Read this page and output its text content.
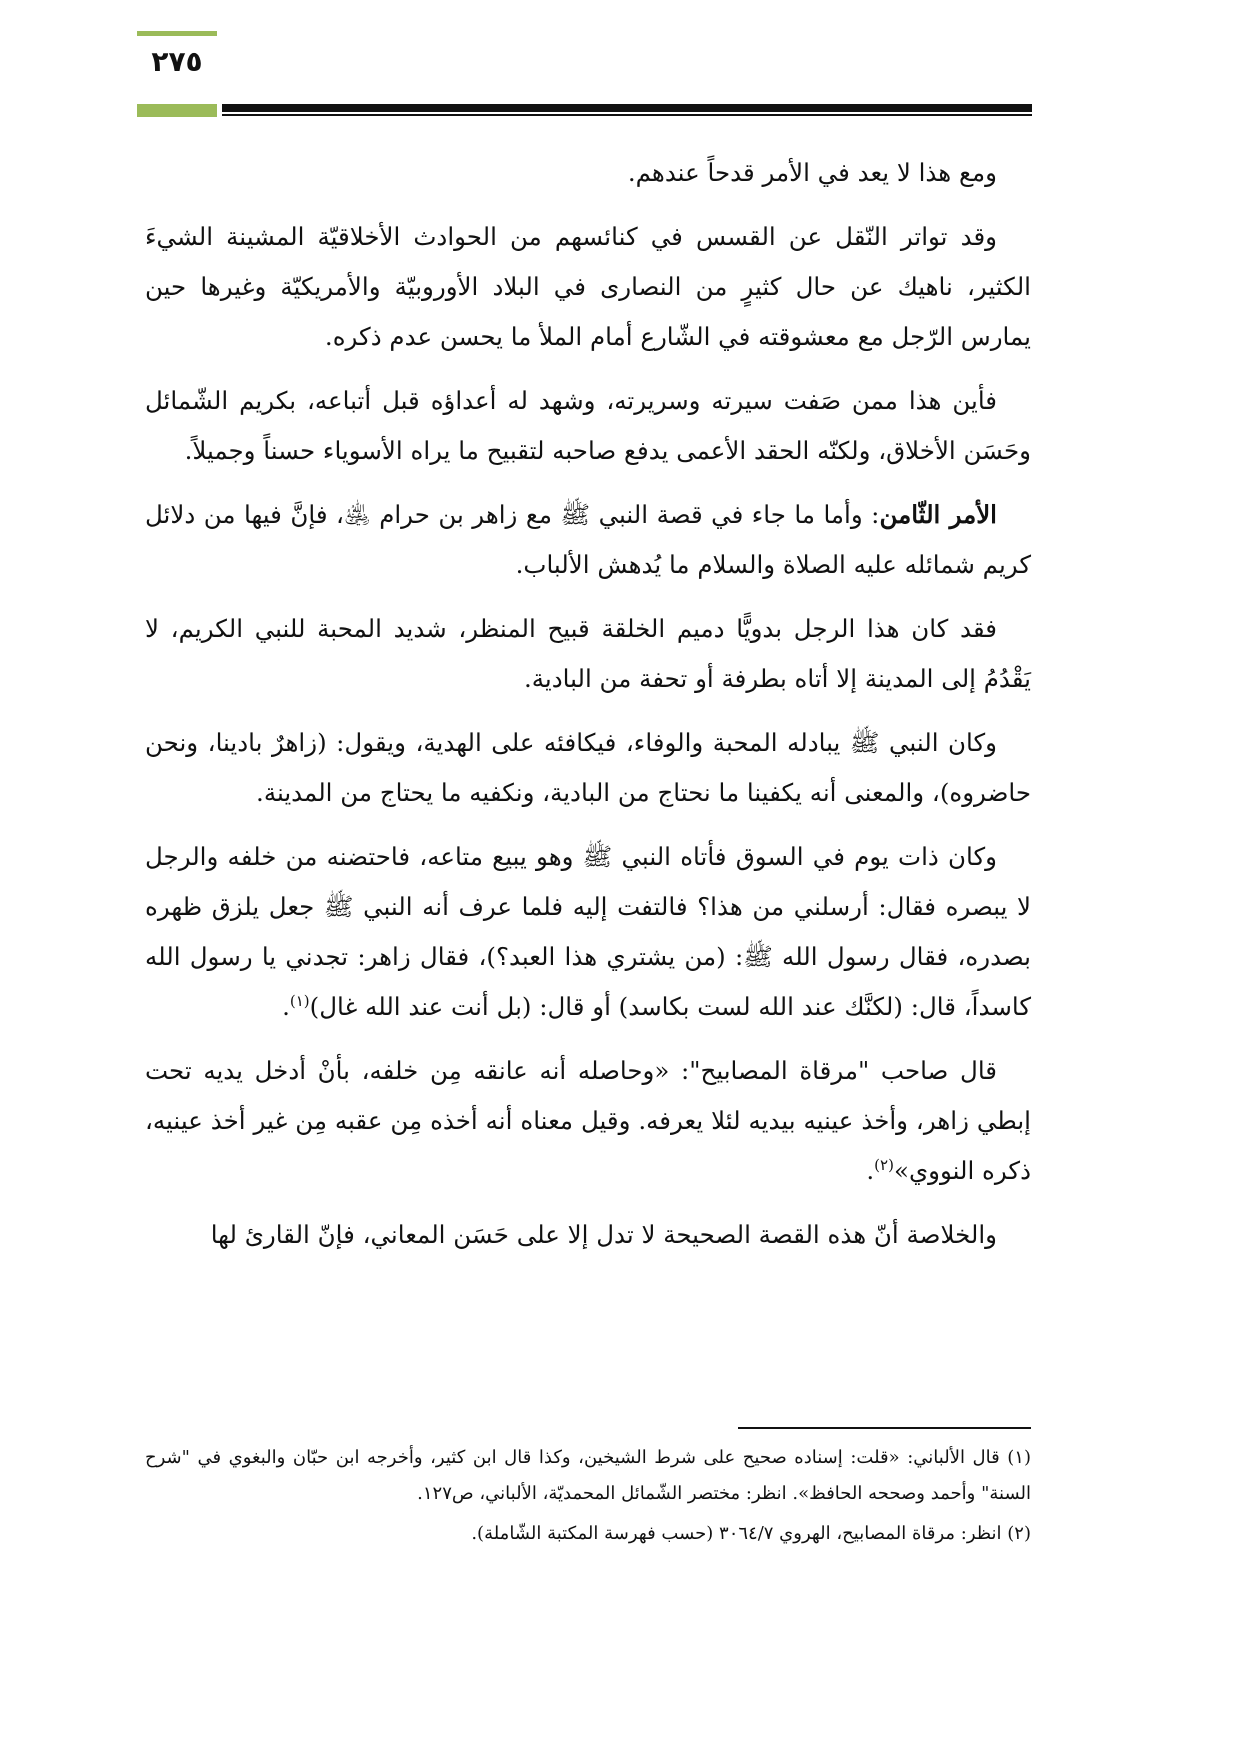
٢٧٥

ومع هذا لا يعد في الأمر قدحاً عندهم.

وقد تواتر النّقل عن القسس في كنائسهم من الحوادث الأخلاقيّة المشينة الشيءَ الكثير، ناهيك عن حال كثيرٍ من النصارى في البلاد الأوروبيّة والأمريكيّة وغيرها حين يمارس الرّجل مع معشوقته في الشّارع أمام الملأ ما يحسن عدم ذكره.

فأين هذا ممن صَفت سيرته وسريرته، وشهد له أعداؤه قبل أتباعه، بكريم الشّمائل وحَسَن الأخلاق، ولكنّه الحقد الأعمى يدفع صاحبه لتقبيح ما يراه الأسوياء حسناً وجميلاً.

الأمر الثّامن: وأما ما جاء في قصة النبي ﷺ مع زاهر بن حرام ﵁، فإنَّ فيها من دلائل كريم شمائله عليه الصلاة والسلام ما يُدهش الألباب.

فقد كان هذا الرجل بدويًّا دميم الخلقة قبيح المنظر، شديد المحبة للنبي الكريم، لا يَقْدُمُ إلى المدينة إلا أتاه بطرفة أو تحفة من البادية.

وكان النبي ﷺ يبادله المحبة والوفاء، فيكافئه على الهدية، ويقول: (زاهرٌ بادينا، ونحن حاضروه)، والمعنى أنه يكفينا ما نحتاج من البادية، ونكفيه ما يحتاج من المدينة.

وكان ذات يوم في السوق فأتاه النبي ﷺ وهو يبيع متاعه، فاحتضنه من خلفه والرجل لا يبصره فقال: أرسلني من هذا؟ فالتفت إليه فلما عرف أنه النبي ﷺ جعل يلزق ظهره بصدره، فقال رسول الله ﷺ: (من يشتري هذا العبد؟)، فقال زاهر: تجدني يا رسول الله كاسداً، قال: (لكنَّك عند الله لست بكاسد) أو قال: (بل أنت عند الله غال)$^{(١)}$.

قال صاحب "مرقاة المصابيح": «وحاصله أنه عانقه مِن خلفه، بأنْ أدخل يديه تحت إبطي زاهر، وأخذ عينيه بيديه لئلا يعرفه. وقيل معناه أنه أخذه مِن عقبه مِن غير أخذ عينيه، ذكره النووي»$^{(٢)}$.

والخلاصة أنّ هذه القصة الصحيحة لا تدل إلا على حَسَن المعاني، فإنّ القارئ لها

(١) قال الألباني: «قلت: إسناده صحيح على شرط الشيخين، وكذا قال ابن كثير، وأخرجه ابن حبّان والبغوي في "شرح السنة" وأحمد وصححه الحافظ». انظر: مختصر الشّمائل المحمديّة، الألباني، ص١٢٧.

(٢) انظر: مرقاة المصابيح، الهروي ٣٠٦٤/٧ (حسب فهرسة المكتبة الشّاملة).
